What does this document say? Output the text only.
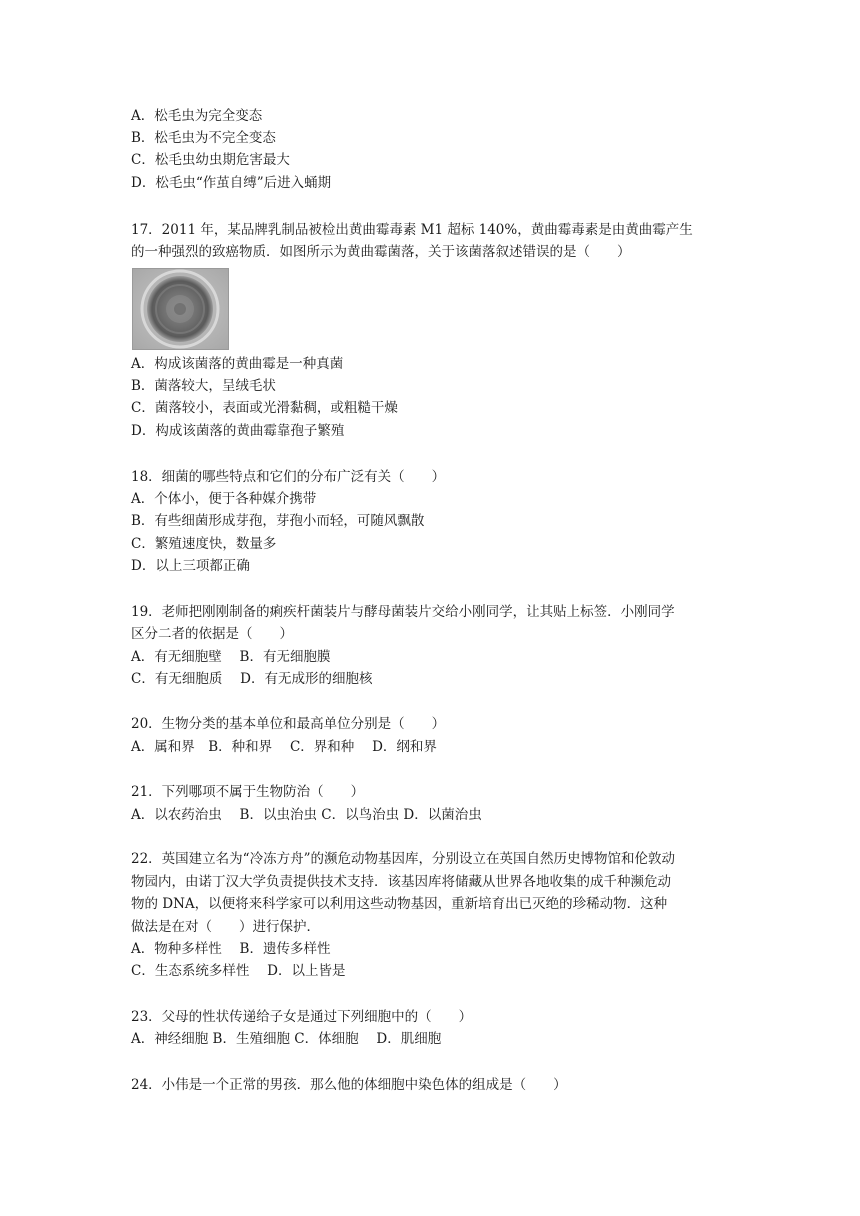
A．松毛虫为完全变态
B．松毛虫为不完全变态
C．松毛虫幼虫期危害最大
D．松毛虫“作茧自缚”后进入蛹期
17．2011 年，某品牌乳制品被检出黄曲霉毒素 M1 超标 140%，黄曲霉毒素是由黄曲霉产生
的一种强烈的致癌物质．如图所示为黄曲霉菌落，关于该菌落叙述错误的是（　　）
A．构成该菌落的黄曲霉是一种真菌
B．菌落较大，呈绒毛状
C．菌落较小，表面或光滑黏稠，或粗糙干燥
D．构成该菌落的黄曲霉靠孢子繁殖
18．细菌的哪些特点和它们的分布广泛有关（　　）
A．个体小，便于各种媒介携带
B．有些细菌形成芽孢，芽孢小而轻，可随风飘散
C．繁殖速度快，数量多
D．以上三项都正确
19．老师把刚刚制备的痢疾杆菌装片与酵母菌装片交给小刚同学，让其贴上标签．小刚同学
区分二者的依据是（　　）
A．有无细胞壁　 B．有无细胞膜
C．有无细胞质　 D．有无成形的细胞核
20．生物分类的基本单位和最高单位分别是（　　）
A．属和界　B．种和界　 C．界和种　 D．纲和界
21．下列哪项不属于生物防治（　　）
A．以农药治虫　 B．以虫治虫 C．以鸟治虫 D．以菌治虫
22．英国建立名为“冷冻方舟”的濒危动物基因库，分别设立在英国自然历史博物馆和伦敦动
物园内，由诺丁汉大学负责提供技术支持．该基因库将储藏从世界各地收集的成千种濒危动
物的 DNA，以便将来科学家可以利用这些动物基因，重新培育出已灭绝的珍稀动物．这种
做法是在对（　　）进行保护．
A．物种多样性　 B．遗传多样性
C．生态系统多样性　 D．以上皆是
23．父母的性状传递给子女是通过下列细胞中的（　　）
A．神经细胞 B．生殖细胞 C．体细胞　 D．肌细胞
24．小伟是一个正常的男孩．那么他的体细胞中染色体的组成是（　　）
